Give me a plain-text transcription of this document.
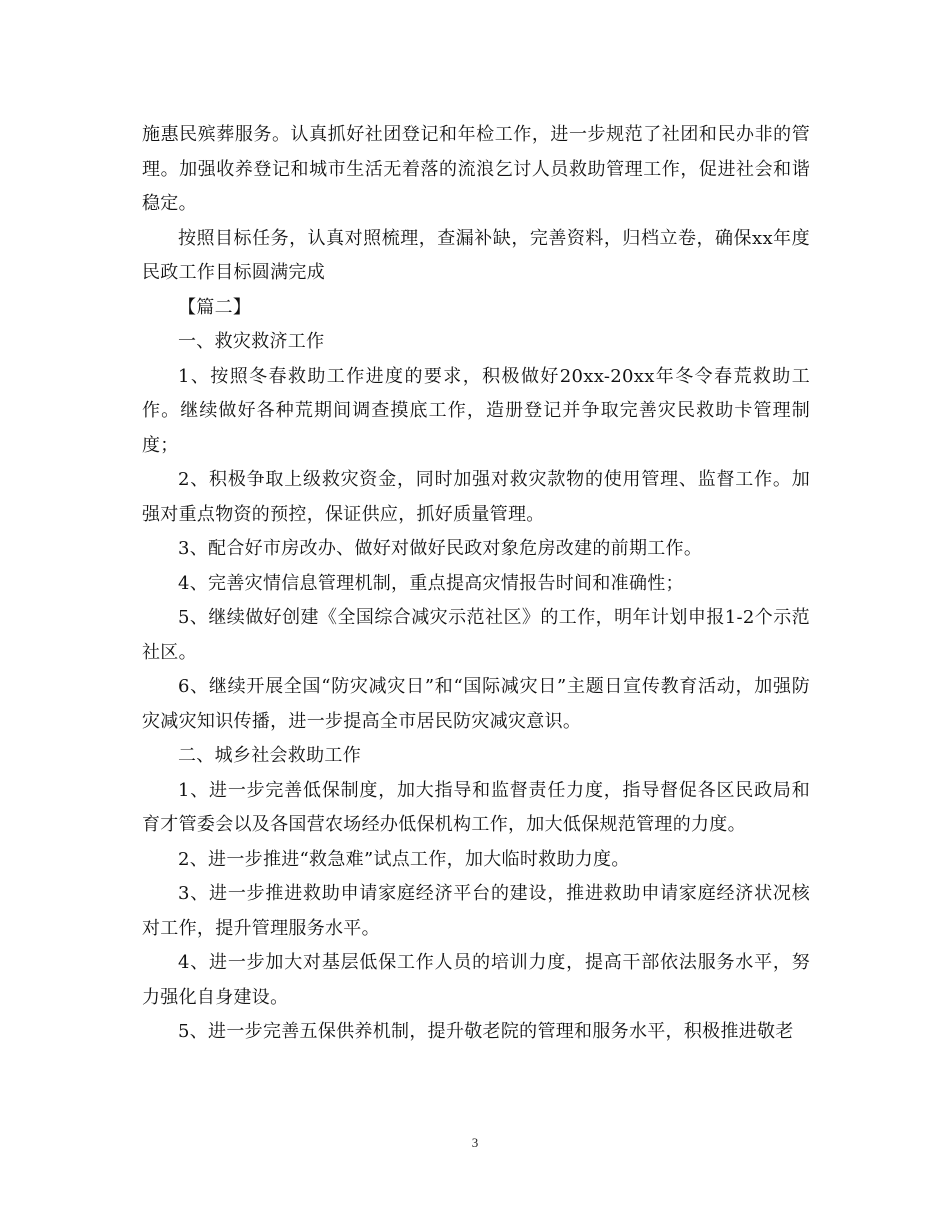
施惠民殡葬服务。认真抓好社团登记和年检工作，进一步规范了社团和民办非的管理。加强收养登记和城市生活无着落的流浪乞讨人员救助管理工作，促进社会和谐稳定。

按照目标任务，认真对照梳理，查漏补缺，完善资料，归档立卷，确保xx年度民政工作目标圆满完成

【篇二】

一、救灾救济工作

1、按照冬春救助工作进度的要求，积极做好20xx-20xx年冬令春荒救助工作。继续做好各种荒期间调查摸底工作，造册登记并争取完善灾民救助卡管理制度；

2、积极争取上级救灾资金，同时加强对救灾款物的使用管理、监督工作。加强对重点物资的预控，保证供应，抓好质量管理。

3、配合好市房改办、做好对做好民政对象危房改建的前期工作。

4、完善灾情信息管理机制，重点提高灾情报告时间和准确性；

5、继续做好创建《全国综合减灾示范社区》的工作，明年计划申报1-2个示范社区。

6、继续开展全国“防灾减灾日”和“国际减灾日”主题日宣传教育活动，加强防灾减灾知识传播，进一步提高全市居民防灾减灾意识。

二、城乡社会救助工作

1、进一步完善低保制度，加大指导和监督责任力度，指导督促各区民政局和育才管委会以及各国营农场经办低保机构工作，加大低保规范管理的力度。

2、进一步推进“救急难”试点工作，加大临时救助力度。

3、进一步推进救助申请家庭经济平台的建设，推进救助申请家庭经济状况核对工作，提升管理服务水平。

4、进一步加大对基层低保工作人员的培训力度，提高干部依法服务水平，努力强化自身建设。

5、进一步完善五保供养机制，提升敬老院的管理和服务水平，积极推进敬老

3
